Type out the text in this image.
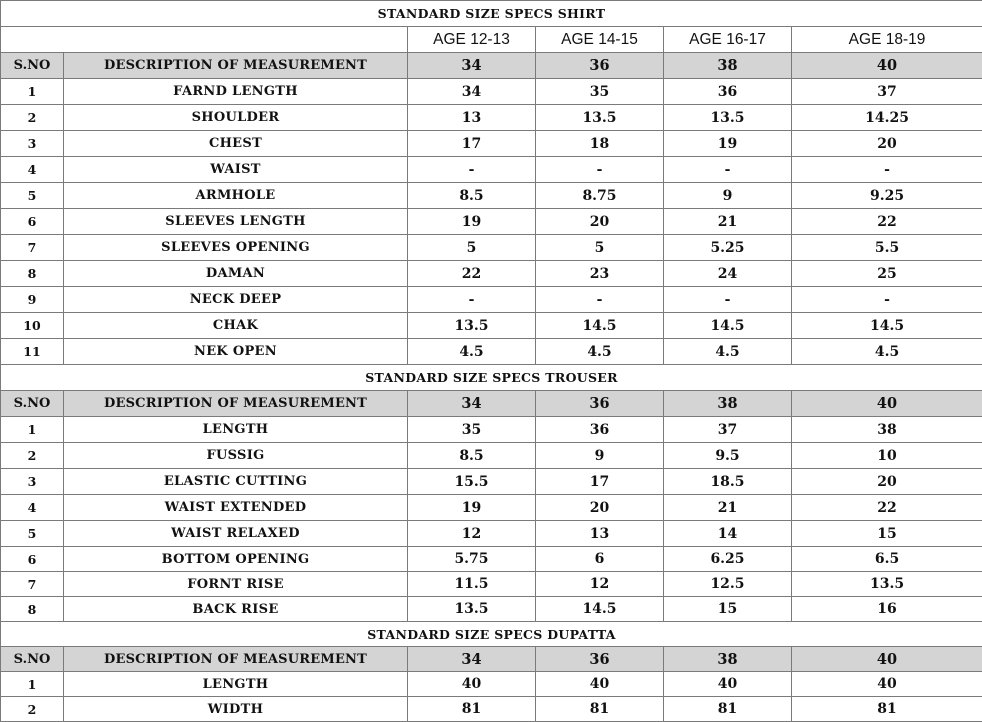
STANDARD SIZE SPECS SHIRT					
		AGE 12-13	AGE 14-15	AGE 16-17	AGE 18-19
S.NO	DESCRIPTION OF MEASUREMENT	34	36	38	40
1	FARND LENGTH	34	35	36	37
2	SHOULDER	13	13.5	13.5	14.25
3	CHEST	17	18	19	20
4	WAIST	-	-	-	-
5	ARMHOLE	8.5	8.75	9	9.25
6	SLEEVES LENGTH	19	20	21	22
7	SLEEVES OPENING	5	5	5.25	5.5
8	DAMAN	22	23	24	25
9	NECK DEEP	-	-	-	-
10	CHAK	13.5	14.5	14.5	14.5
11	NEK OPEN	4.5	4.5	4.5	4.5
STANDARD SIZE SPECS TROUSER					
S.NO	DESCRIPTION OF MEASUREMENT	34	36	38	40
1	LENGTH	35	36	37	38
2	FUSSIG	8.5	9	9.5	10
3	ELASTIC CUTTING	15.5	17	18.5	20
4	WAIST EXTENDED	19	20	21	22
5	WAIST RELAXED	12	13	14	15
6	BOTTOM OPENING	5.75	6	6.25	6.5
7	FORNT RISE	11.5	12	12.5	13.5
8	BACK RISE	13.5	14.5	15	16
STANDARD SIZE SPECS DUPATTA					
S.NO	DESCRIPTION OF MEASUREMENT	34	36	38	40
1	LENGTH	40	40	40	40
2	WIDTH	81	81	81	81
